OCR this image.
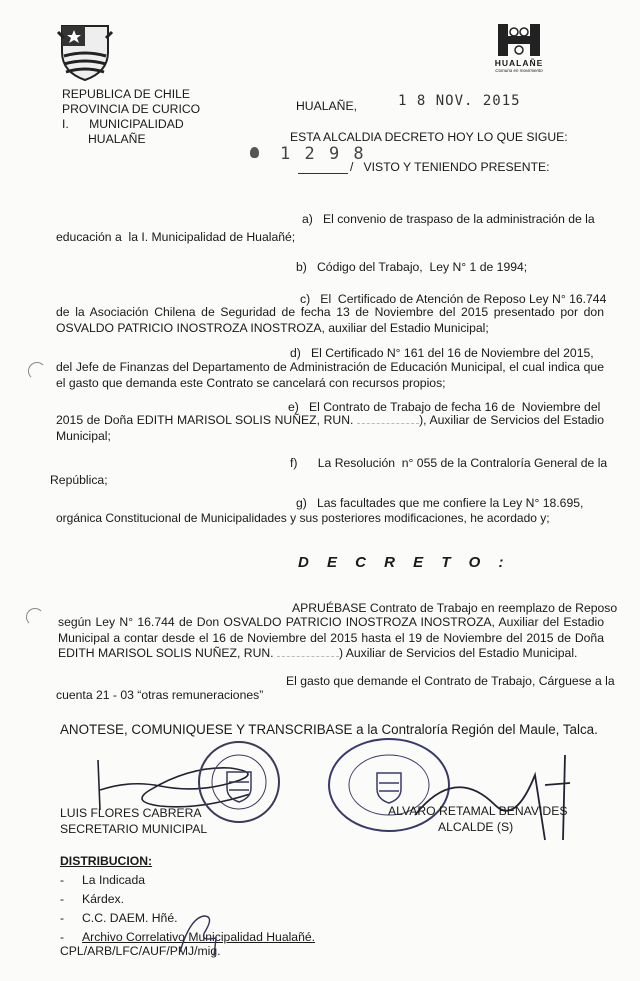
REPUBLICA DE CHILE
PROVINCIA DE CURICO
I.      MUNICIPALIDAD
HUALAÑE
HUALAÑE
Comuna en movimiento
HUALAÑE,	1 8 NOV. 2015
ESTA ALCALDIA DECRETO HOY LO QUE SIGUE:
1 2 9 8
/   VISTO Y TENIENDO PRESENTE:
a)   El convenio de traspaso de la administración de la
educación a  la I. Municipalidad de Hualañé;
b)   Código del Trabajo,  Ley N° 1 de 1994;
c)   El  Certificado de Atención de Reposo Ley N° 16.744
de la Asociación Chilena de Seguridad de fecha 13 de Noviembre del 2015 presentado por don OSVALDO PATRICIO INOSTROZA INOSTROZA, auxiliar del Estadio Municipal;
d)   El Certificado N° 161 del 16 de Noviembre del 2015,
del Jefe de Finanzas del Departamento de Administración de Educación Municipal, el cual indica que el gasto que demanda este Contrato se cancelará con recursos propios;
e)   El Contrato de Trabajo de fecha 16 de  Noviembre del
2015 de Doña EDITH MARISOL SOLIS NUÑEZ, RUN.	), Auxiliar de Servicios del Estadio Municipal;
f)      La Resolución  n° 055 de la Contraloría General de la
República;
g)   Las facultades que me confiere la Ley N° 18.695,
orgánica Constitucional de Municipalidades y sus posteriores modificaciones, he acordado y;
D E C R E T O :
APRUÉBASE Contrato de Trabajo en reemplazo de Reposo
según Ley N° 16.744 de Don OSVALDO PATRICIO INOSTROZA INOSTROZA, Auxiliar del Estadio Municipal a contar desde el 16 de Noviembre del 2015 hasta el 19 de Noviembre del 2015 de Doña EDITH MARISOL SOLIS NUÑEZ, RUN.	) Auxiliar de Servicios del Estadio Municipal.
El gasto que demande el Contrato de Trabajo, Cárguese a la
cuenta 21 - 03 “otras remuneraciones”
ANOTESE, COMUNIQUESE Y TRANSCRIBASE a la Contraloría Región del Maule, Talca.
LUIS FLORES CABRERA
SECRETARIO MUNICIPAL
ALVARO RETAMAL BENAVIDES
ALCALDE (S)
DISTRIBUCION:
- La Indicada
- Kárdex.
- C.C. DAEM. Hñé.
- Archivo Correlativo Municipalidad Hualañé.
CPL/ARB/LFC/AUF/PMJ/mig.
